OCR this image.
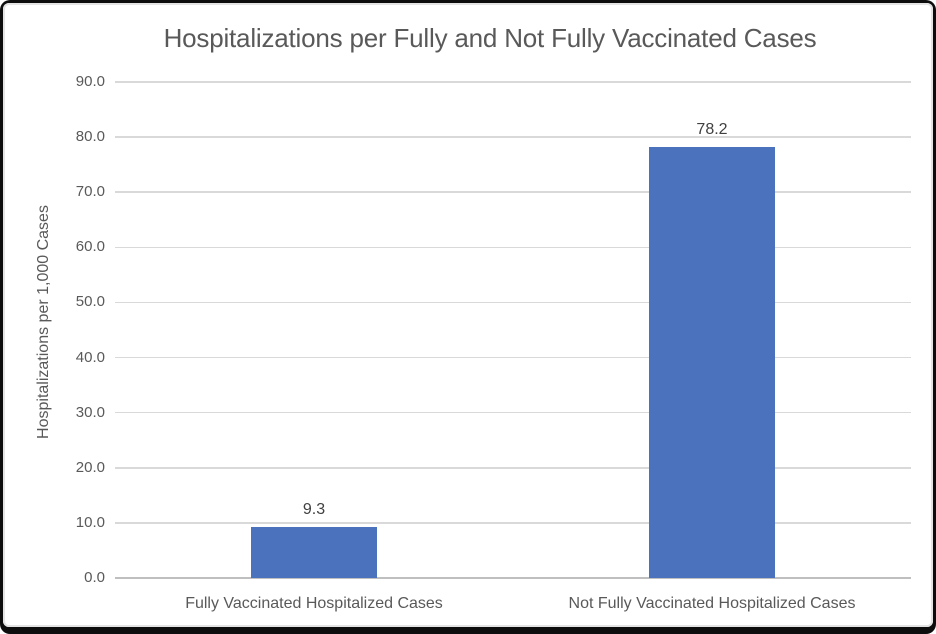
Hospitalizations per Fully and Not Fully Vaccinated Cases
Hospitalizations per 1,000 Cases
0.0
10.0
20.0
30.0
40.0
50.0
60.0
70.0
80.0
90.0
9.3
Fully Vaccinated Hospitalized Cases
78.2
Not Fully Vaccinated Hospitalized Cases
